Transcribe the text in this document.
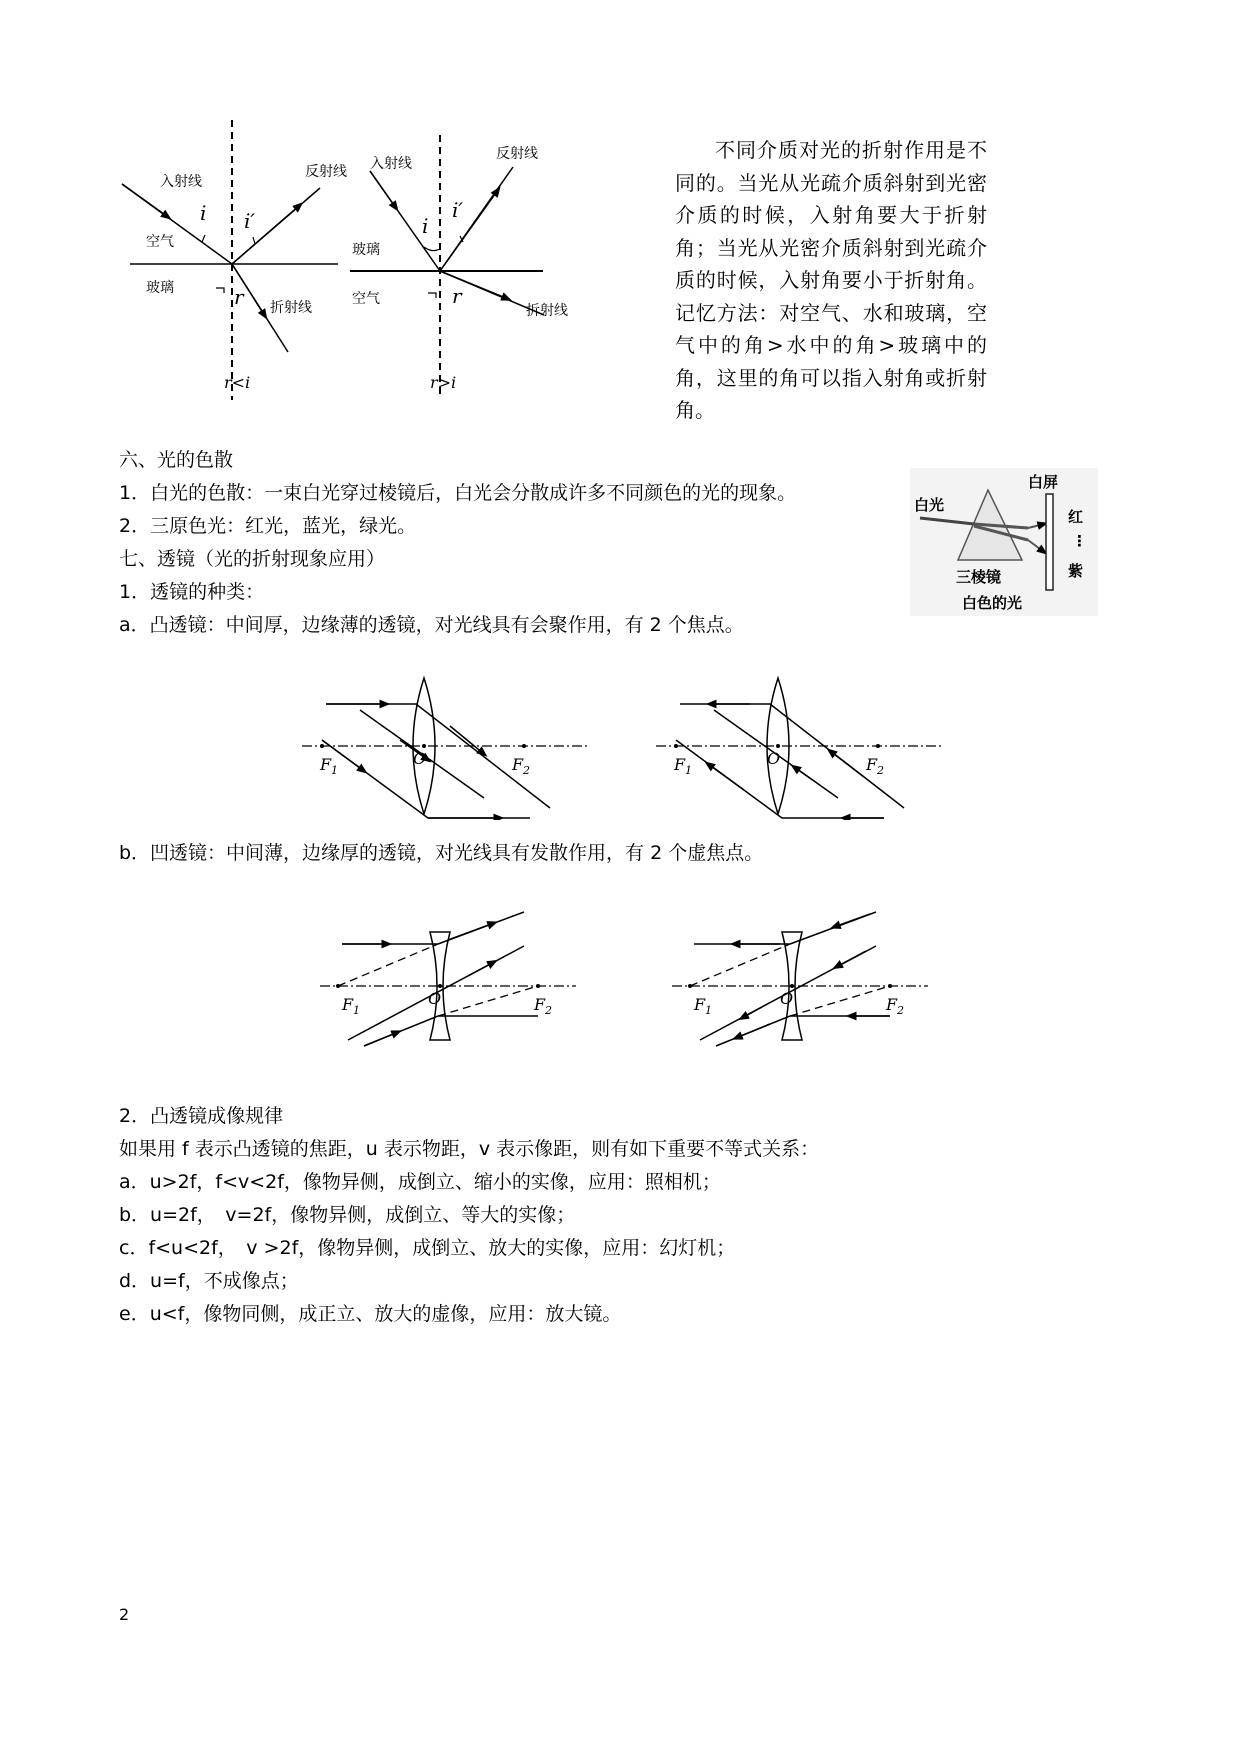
入射线
反射线
折射线
空气
玻璃
i i′
r
r<i
入射线
反射线
折射线
玻璃
空气
i
i′
r
r>i
不同介质对光的折射作用是不同的。当光从光疏介质斜射到光密介质的时候，入射角要大于折射角；当光从光密介质斜射到光疏介质的时候，入射角要小于折射角。记忆方法：对空气、水和玻璃，空气中的角>水中的角>玻璃中的角，这里的角可以指入射角或折射角。
六、光的色散
1．白光的色散：一束白光穿过棱镜后，白光会分散成许多不同颜色的光的现象。
2．三原色光：红光，蓝光，绿光。
白光
白屏
红
⋮
紫
三棱镜
白色的光
七、透镜（光的折射现象应用）
1．透镜的种类：
a．凸透镜：中间厚，边缘薄的透镜，对光线具有会聚作用，有 2 个焦点。
F 1
O	F 2	F 1
O	F 2
b．凹透镜：中间薄，边缘厚的透镜，对光线具有发散作用，有 2 个虚焦点。
F 1
O	F 2	F 1
O	F 2
2．凸透镜成像规律
如果用 f 表示凸透镜的焦距，u 表示物距，v 表示像距，则有如下重要不等式关系：
a．u>2f，f<v<2f，像物异侧，成倒立、缩小的实像，应用：照相机；
b．u=2f，　v=2f，像物异侧，成倒立、等大的实像；
c．f<u<2f，　v >2f，像物异侧，成倒立、放大的实像，应用：幻灯机；
d．u=f，不成像点；
e．u<f，像物同侧，成正立、放大的虚像，应用：放大镜。
2
